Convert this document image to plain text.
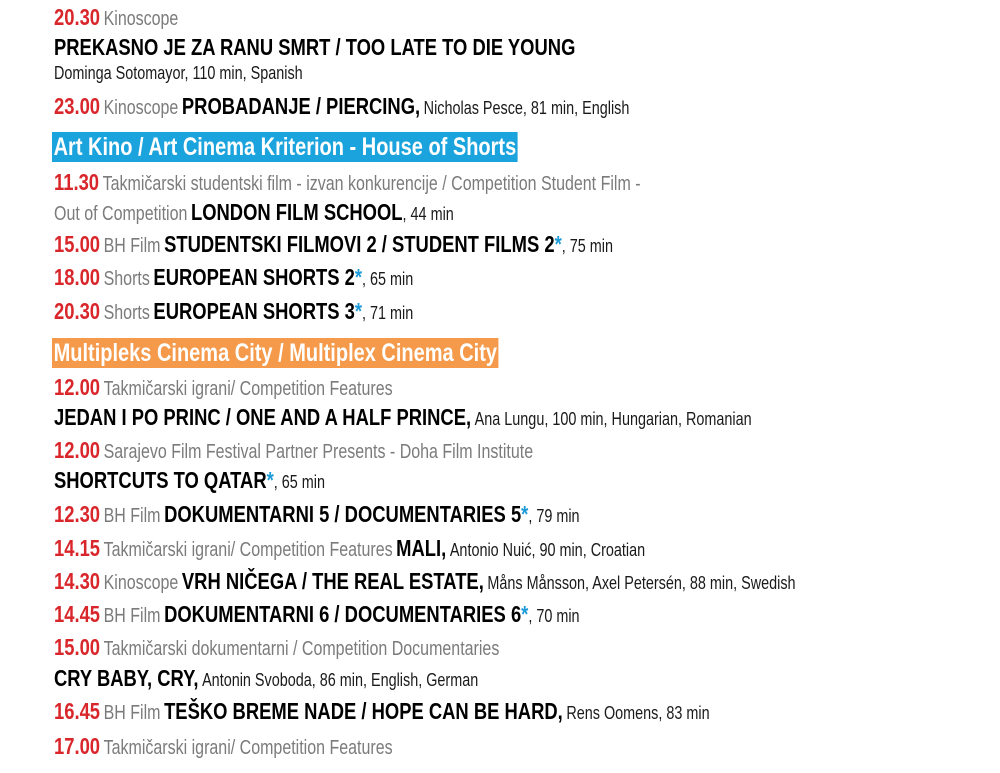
20.30 Kinoscope
PREKASNO JE ZA RANU SMRT / TOO LATE TO DIE YOUNG
Dominga Sotomayor, 110 min, Spanish
23.00 Kinoscope PROBADANJE / PIERCING, Nicholas Pesce, 81 min, English
Art Kino / Art Cinema Kriterion - House of Shorts
11.30 Takmičarski studentski film - izvan konkurencije / Competition Student Film -
Out of Competition LONDON FILM SCHOOL, 44 min
15.00 BH Film STUDENTSKI FILMOVI 2 / STUDENT FILMS 2*, 75 min
18.00 Shorts EUROPEAN SHORTS 2*, 65 min
20.30 Shorts EUROPEAN SHORTS 3*, 71 min
Multipleks Cinema City / Multiplex Cinema City
12.00 Takmičarski igrani/ Competition Features
JEDAN I PO PRINC / ONE AND A HALF PRINCE, Ana Lungu, 100 min, Hungarian, Romanian
12.00 Sarajevo Film Festival Partner Presents - Doha Film Institute
SHORTCUTS TO QATAR*, 65 min
12.30 BH Film DOKUMENTARNI 5 / DOCUMENTARIES 5*, 79 min
14.15 Takmičarski igrani/ Competition Features MALI, Antonio Nuić, 90 min, Croatian
14.30 Kinoscope VRH NIČEGA / THE REAL ESTATE, Måns Månsson, Axel Petersén, 88 min, Swedish
14.45 BH Film DOKUMENTARNI 6 / DOCUMENTARIES 6*, 70 min
15.00 Takmičarski dokumentarni / Competition Documentaries
CRY BABY, CRY, Antonin Svoboda, 86 min, English, German
16.45 BH Film TEŠKO BREME NADE / HOPE CAN BE HARD, Rens Oomens, 83 min
17.00 Takmičarski igrani/ Competition Features
